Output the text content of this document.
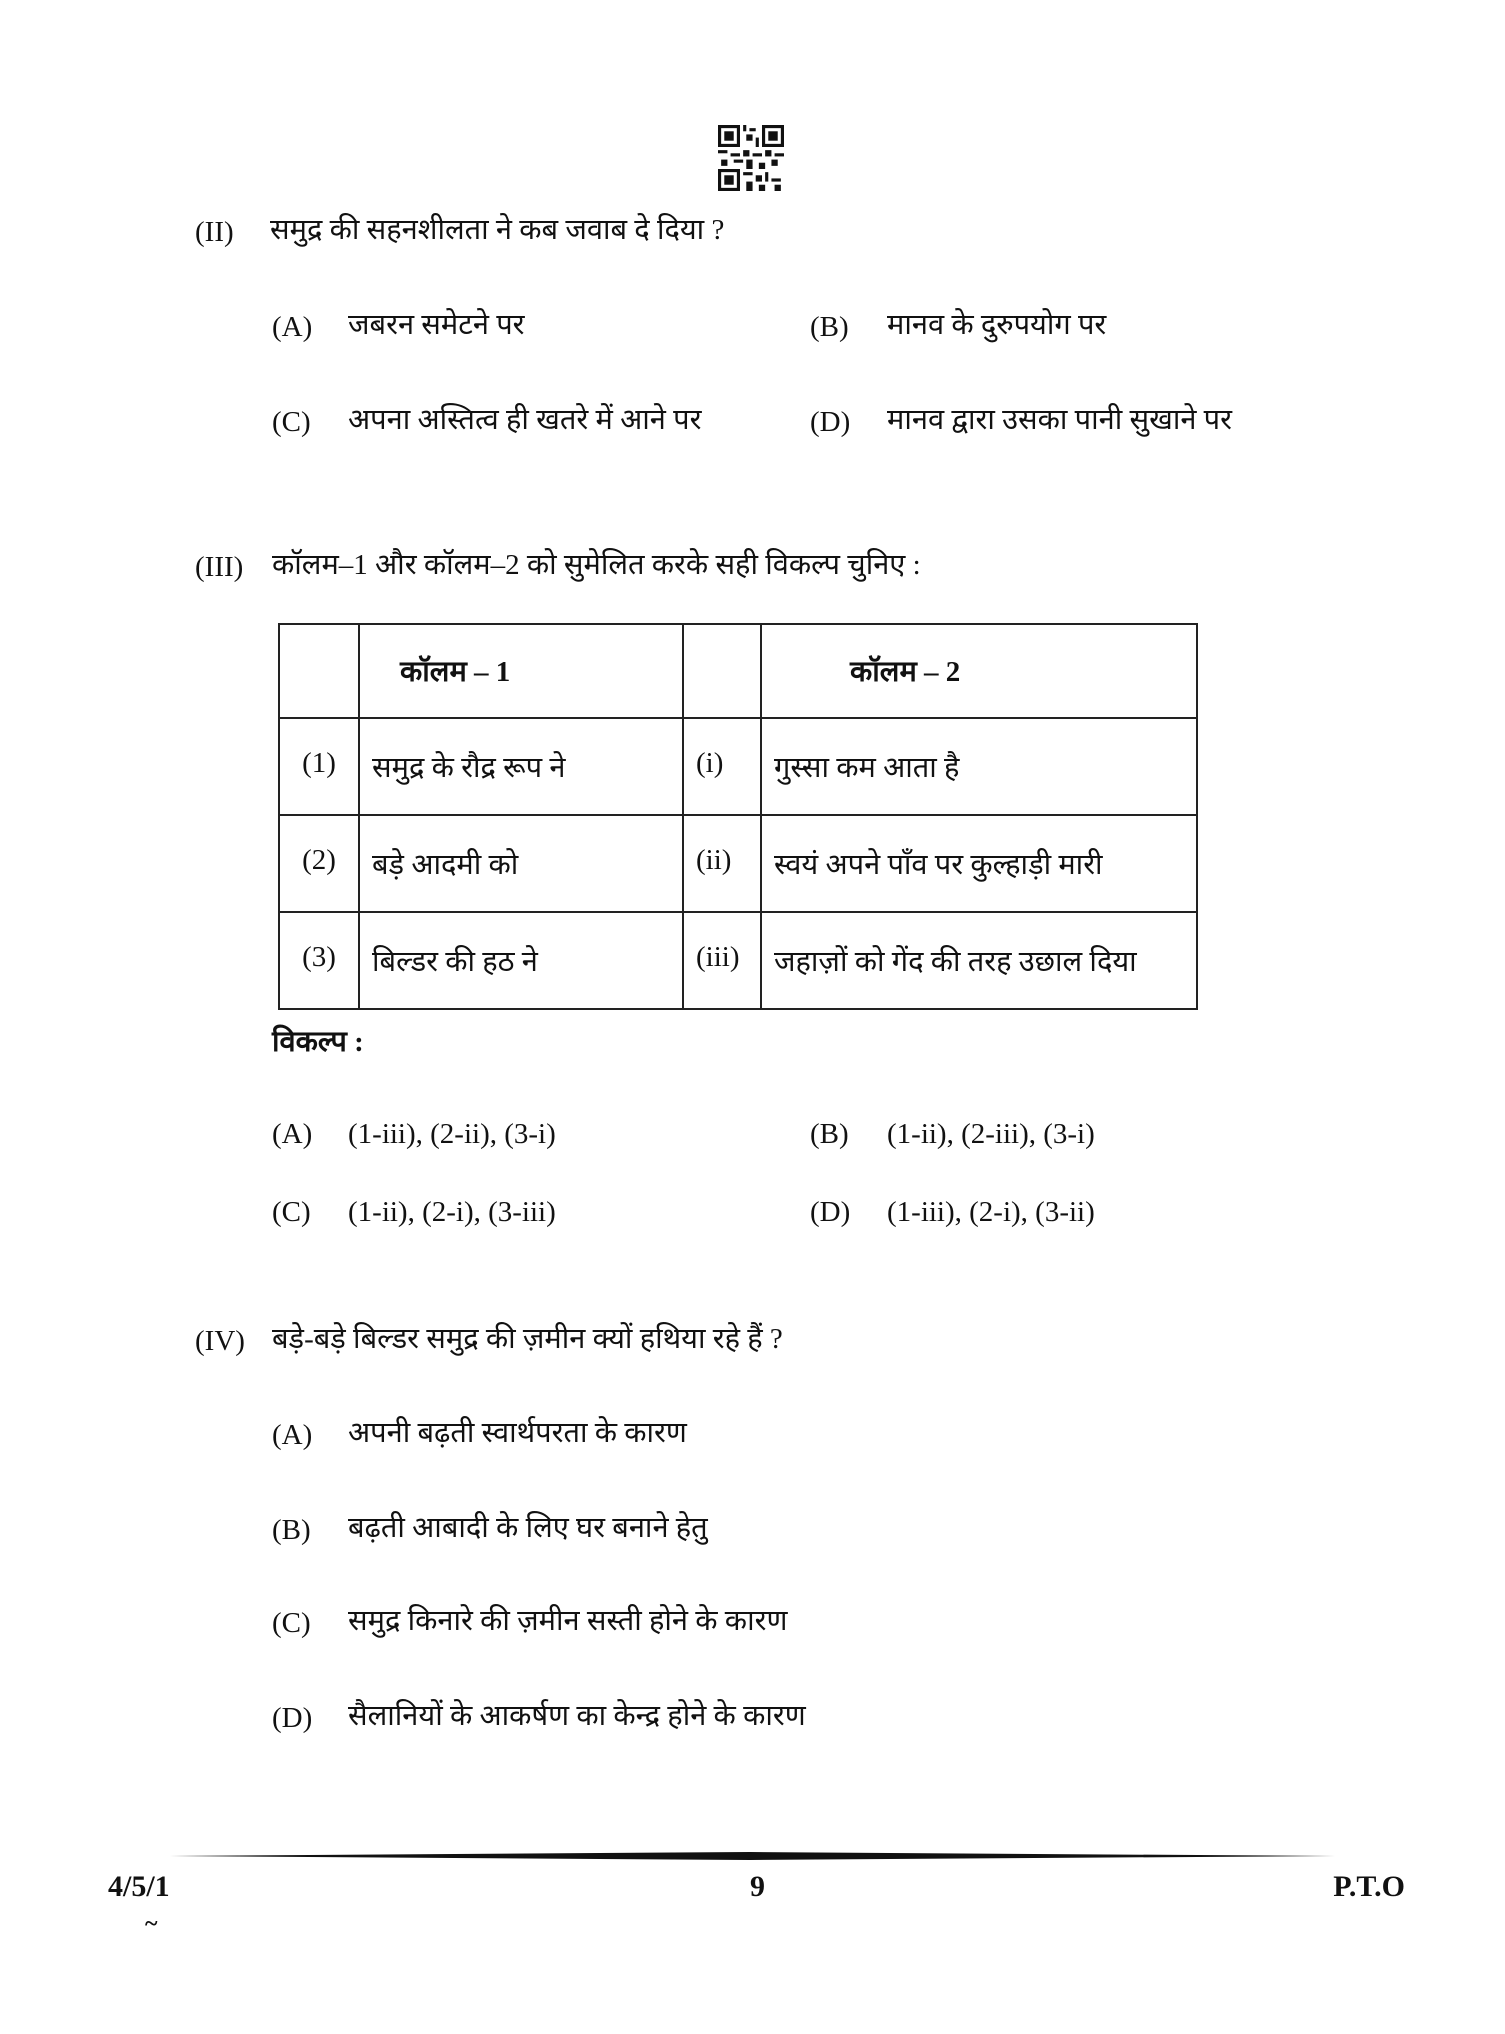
(II) समुद्र की सहनशीलता ने कब जवाब दे दिया ?
(A) जबरन समेटने पर	(B) मानव के दुरुपयोग पर
(C) अपना अस्तित्व ही खतरे में आने पर	(D) मानव द्वारा उसका पानी सुखाने पर
(III) कॉलम–1 और कॉलम–2 को सुमेलित करके सही विकल्प चुनिए :
	कॉलम – 1		कॉलम – 2
(1)	समुद्र के रौद्र रूप ने	(i)	गुस्सा कम आता है
(2)	बड़े आदमी को	(ii)	स्वयं अपने पाँव पर कुल्हाड़ी मारी
(3)	बिल्डर की हठ ने	(iii)	जहाज़ों को गेंद की तरह उछाल दिया
विकल्प :
(A) (1-iii), (2-ii), (3-i)	(B) (1-ii), (2-iii), (3-i)
(C) (1-ii), (2-i), (3-iii)	(D) (1-iii), (2-i), (3-ii)
(IV) बड़े-बड़े बिल्डर समुद्र की ज़मीन क्यों हथिया रहे हैं ?
(A) अपनी बढ़ती स्वार्थपरता के कारण
(B) बढ़ती आबादी के लिए घर बनाने हेतु
(C) समुद्र किनारे की ज़मीन सस्ती होने के कारण
(D) सैलानियों के आकर्षण का केन्द्र होने के कारण
4/5/1	9	P.T.O
~
